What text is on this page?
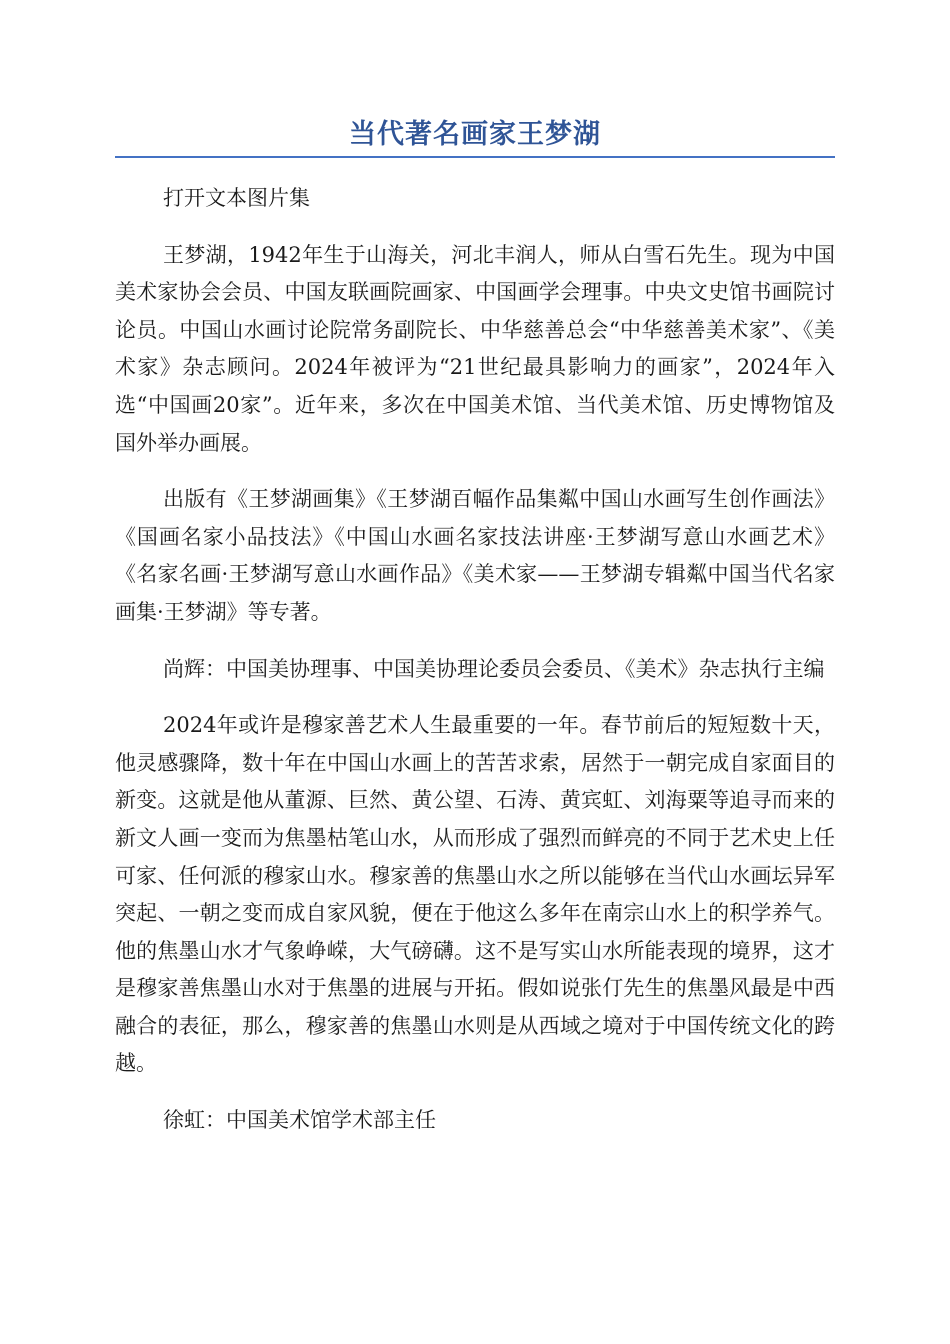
当代著名画家王梦湖

打开文本图片集

王梦湖，1942年生于山海关，河北丰润人，师从白雪石先生。现为中国美术家协会会员、中国友联画院画家、中国画学会理事。中央文史馆书画院讨论员。中国山水画讨论院常务副院长、中华慈善总会“中华慈善美术家”、《美术家》杂志顾问。2024年被评为“21世纪最具影响力的画家”，2024年入选“中国画20家”。近年来，多次在中国美术馆、当代美术馆、历史博物馆及国外举办画展。

出版有《王梦湖画集》《王梦湖百幅作品集粼中国山水画写生创作画法》《国画名家小品技法》《中国山水画名家技法讲座·王梦湖写意山水画艺术》《名家名画·王梦湖写意山水画作品》《美术家——王梦湖专辑粼中国当代名家画集·王梦湖》等专著。

尚辉：中国美协理事、中国美协理论委员会委员、《美术》杂志执行主编

2024年或许是穆家善艺术人生最重要的一年。春节前后的短短数十天，他灵感骤降，数十年在中国山水画上的苦苦求索，居然于一朝完成自家面目的新变。这就是他从董源、巨然、黄公望、石涛、黄宾虹、刘海粟等追寻而来的新文人画一变而为焦墨枯笔山水，从而形成了强烈而鲜亮的不同于艺术史上任可家、任何派的穆家山水。穆家善的焦墨山水之所以能够在当代山水画坛异军突起、一朝之变而成自家风貌，便在于他这么多年在南宗山水上的积学养气。他的焦墨山水才气象峥嵘，大气磅礴。这不是写实山水所能表现的境界，这才是穆家善焦墨山水对于焦墨的进展与开拓。假如说张仃先生的焦墨风最是中西融合的表征，那么，穆家善的焦墨山水则是从西域之境对于中国传统文化的跨越。

徐虹：中国美术馆学术部主任
